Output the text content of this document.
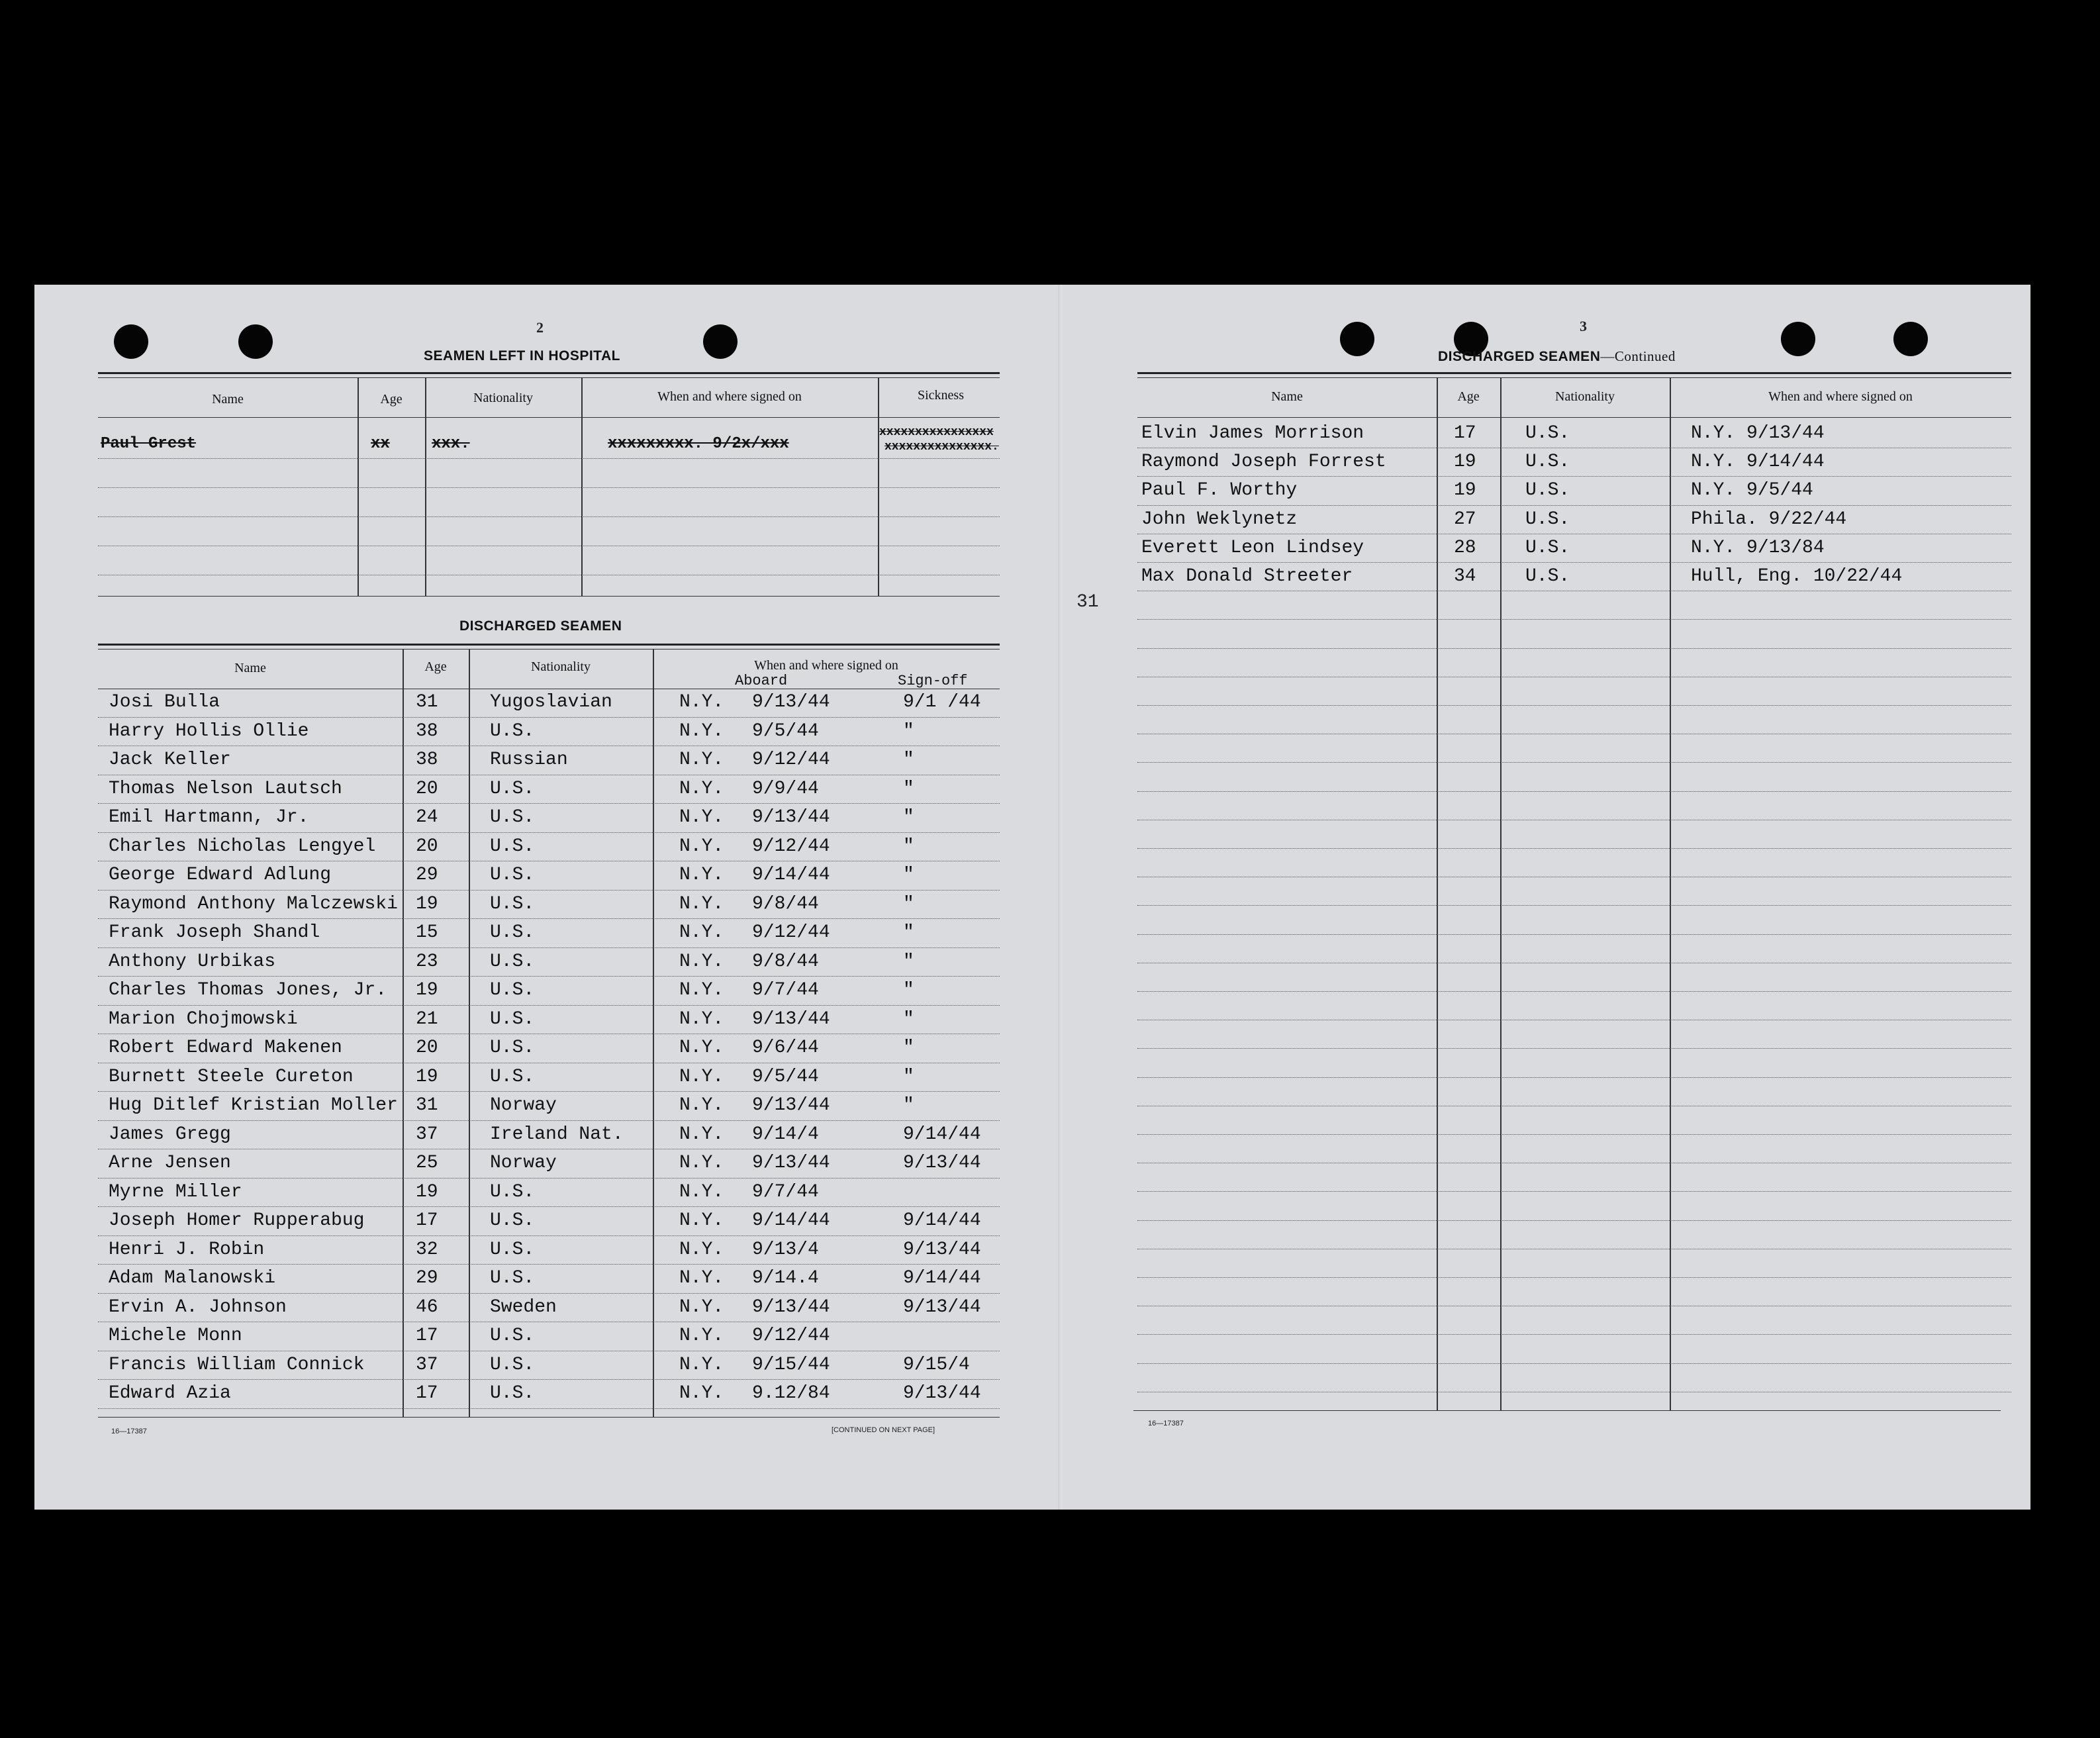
2
SEAMEN LEFT IN HOSPITAL
Name	Age	Nationality	When and where signed on	Sickness
Paul Grest	xx	xxx.	xxxxxxxxx. 9/2x/xxx
xxxxxxxxxxxxxxxx
xxxxxxxxxxxxxxx.
DISCHARGED SEAMEN
Name	Age	Nationality	When and where signed on
Aboard	Sign-off
Josi Bulla	31	Yugoslavian	N.Y. 9/13/44	9/1 /44
Harry Hollis Ollie	38	U.S.	N.Y. 9/5/44	"
Jack Keller	38	Russian	N.Y. 9/12/44	"
Thomas Nelson Lautsch	20	U.S.	N.Y. 9/9/44	"
Emil Hartmann, Jr.	24	U.S.	N.Y. 9/13/44	"
Charles Nicholas Lengyel 20	U.S.	N.Y. 9/12/44	"
George Edward Adlung	29	U.S.	N.Y. 9/14/44	"
Raymond Anthony Malczewski 19	U.S.	N.Y. 9/8/44	"
Frank Joseph Shandl	15	U.S.	N.Y. 9/12/44	"
Anthony Urbikas	23	U.S.	N.Y. 9/8/44	"
Charles Thomas Jones, Jr. 19	U.S.	N.Y. 9/7/44	"
Marion Chojmowski	21	U.S.	N.Y. 9/13/44	"
Robert Edward Makenen	20	U.S.	N.Y. 9/6/44	"
Burnett Steele Cureton	19	U.S.	N.Y. 9/5/44	"
Hug Ditlef Kristian Moller 31	Norway	N.Y. 9/13/44	"
James Gregg	37	Ireland Nat.	N.Y. 9/14/4	9/14/44
Arne Jensen	25	Norway	N.Y. 9/13/44	9/13/44
Myrne Miller	19	U.S.	N.Y. 9/7/44
Joseph Homer Rupperabug	17	U.S.	N.Y. 9/14/44	9/14/44
Henri J. Robin	32	U.S.	N.Y. 9/13/4	9/13/44
Adam Malanowski	29	U.S.	N.Y. 9/14.4	9/14/44
Ervin A. Johnson	46	Sweden	N.Y. 9/13/44	9/13/44
Michele Monn	17	U.S.	N.Y. 9/12/44
Francis William Connick	37	U.S.	N.Y. 9/15/44	9/15/4
Edward Azia	17	U.S.	N.Y. 9.12/84	9/13/44
16—17387	[CONTINUED ON NEXT PAGE]
31
3
DISCHARGED SEAMEN—Continued
Name	Age	Nationality	When and where signed on
Elvin James Morrison	17	U.S.	N.Y. 9/13/44
Raymond Joseph Forrest	19	U.S.	N.Y. 9/14/44
Paul F. Worthy	19	U.S.	N.Y. 9/5/44
John Weklynetz	27	U.S.	Phila. 9/22/44
Everett Leon Lindsey	28	U.S.	N.Y. 9/13/84
Max Donald Streeter	34	U.S.	Hull, Eng. 10/22/44
16—17387
